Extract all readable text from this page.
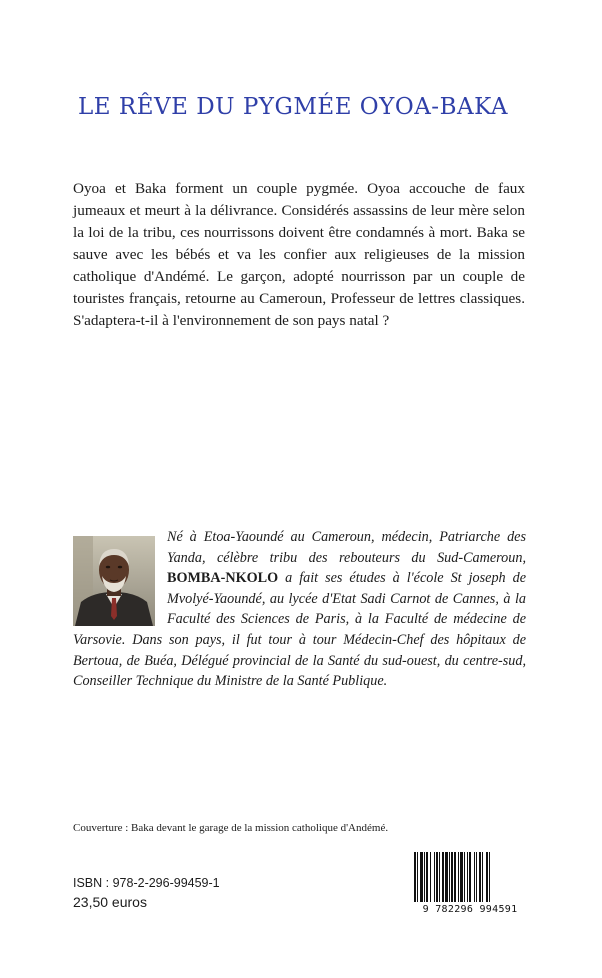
LE RÊVE DU PYGMÉE OYOA-BAKA
Oyoa et Baka forment un couple pygmée. Oyoa accouche de faux jumeaux et meurt à la délivrance. Considérés assassins de leur mère selon la loi de la tribu, ces nourrissons doivent être condamnés à mort. Baka se sauve avec les bébés et va les confier aux religieuses de la mission catholique d'Andémé. Le garçon, adopté nourrisson par un couple de touristes français, retourne au Cameroun, Professeur de lettres classiques. S'adaptera-t-il à l'environnement de son pays natal ?
Né à Etoa-Yaoundé au Cameroun, médecin, Patriarche des Yanda, célèbre tribu des rebouteurs du Sud-Cameroun, BOMBA-NKOLO a fait ses études à l'école St joseph de Mvolyé-Yaoundé, au lycée d'Etat Sadi Carnot de Cannes, à la Faculté des Sciences de Paris, à la Faculté de médecine de Varsovie. Dans son pays, il fut tour à tour Médecin-Chef des hôpitaux de Bertoua, de Buéa, Délégué provincial de la Santé du sud-ouest, du centre-sud, Conseiller Technique du Ministre de la Santé Publique.
Couverture : Baka devant le garage de la mission catholique d'Andémé.
ISBN : 978-2-296-99459-1
23,50 euros	9 782296 994591
